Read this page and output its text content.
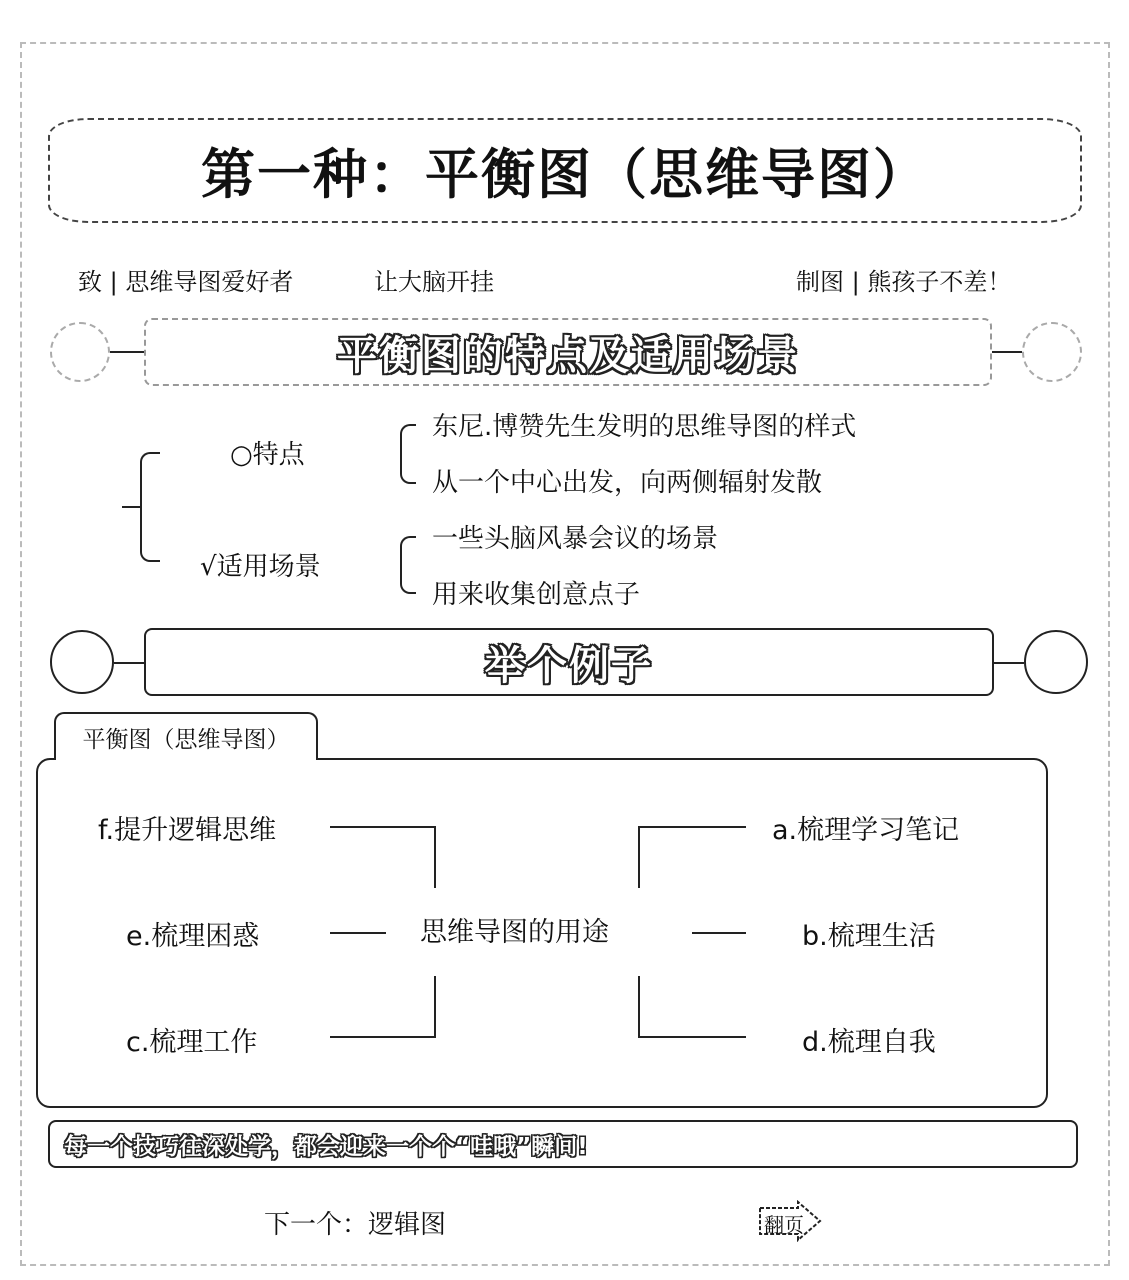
第一种：平衡图（思维导图）
致 | 思维导图爱好者	让大脑开挂	制图 | 熊孩子不差！
平衡图的特点及适用场景
○特点
东尼.博赞先生发明的思维导图的样式
从一个中心出发，向两侧辐射发散
√适用场景
一些头脑风暴会议的场景
用来收集创意点子
举个例子
平衡图（思维导图）
思维导图的用途
f.提升逻辑思维
e.梳理困惑
c.梳理工作
a.梳理学习笔记
b.梳理生活
d.梳理自我
每一个技巧往深处学，都会迎来一个个“哇哦”瞬间!
下一个：逻辑图	翻页
